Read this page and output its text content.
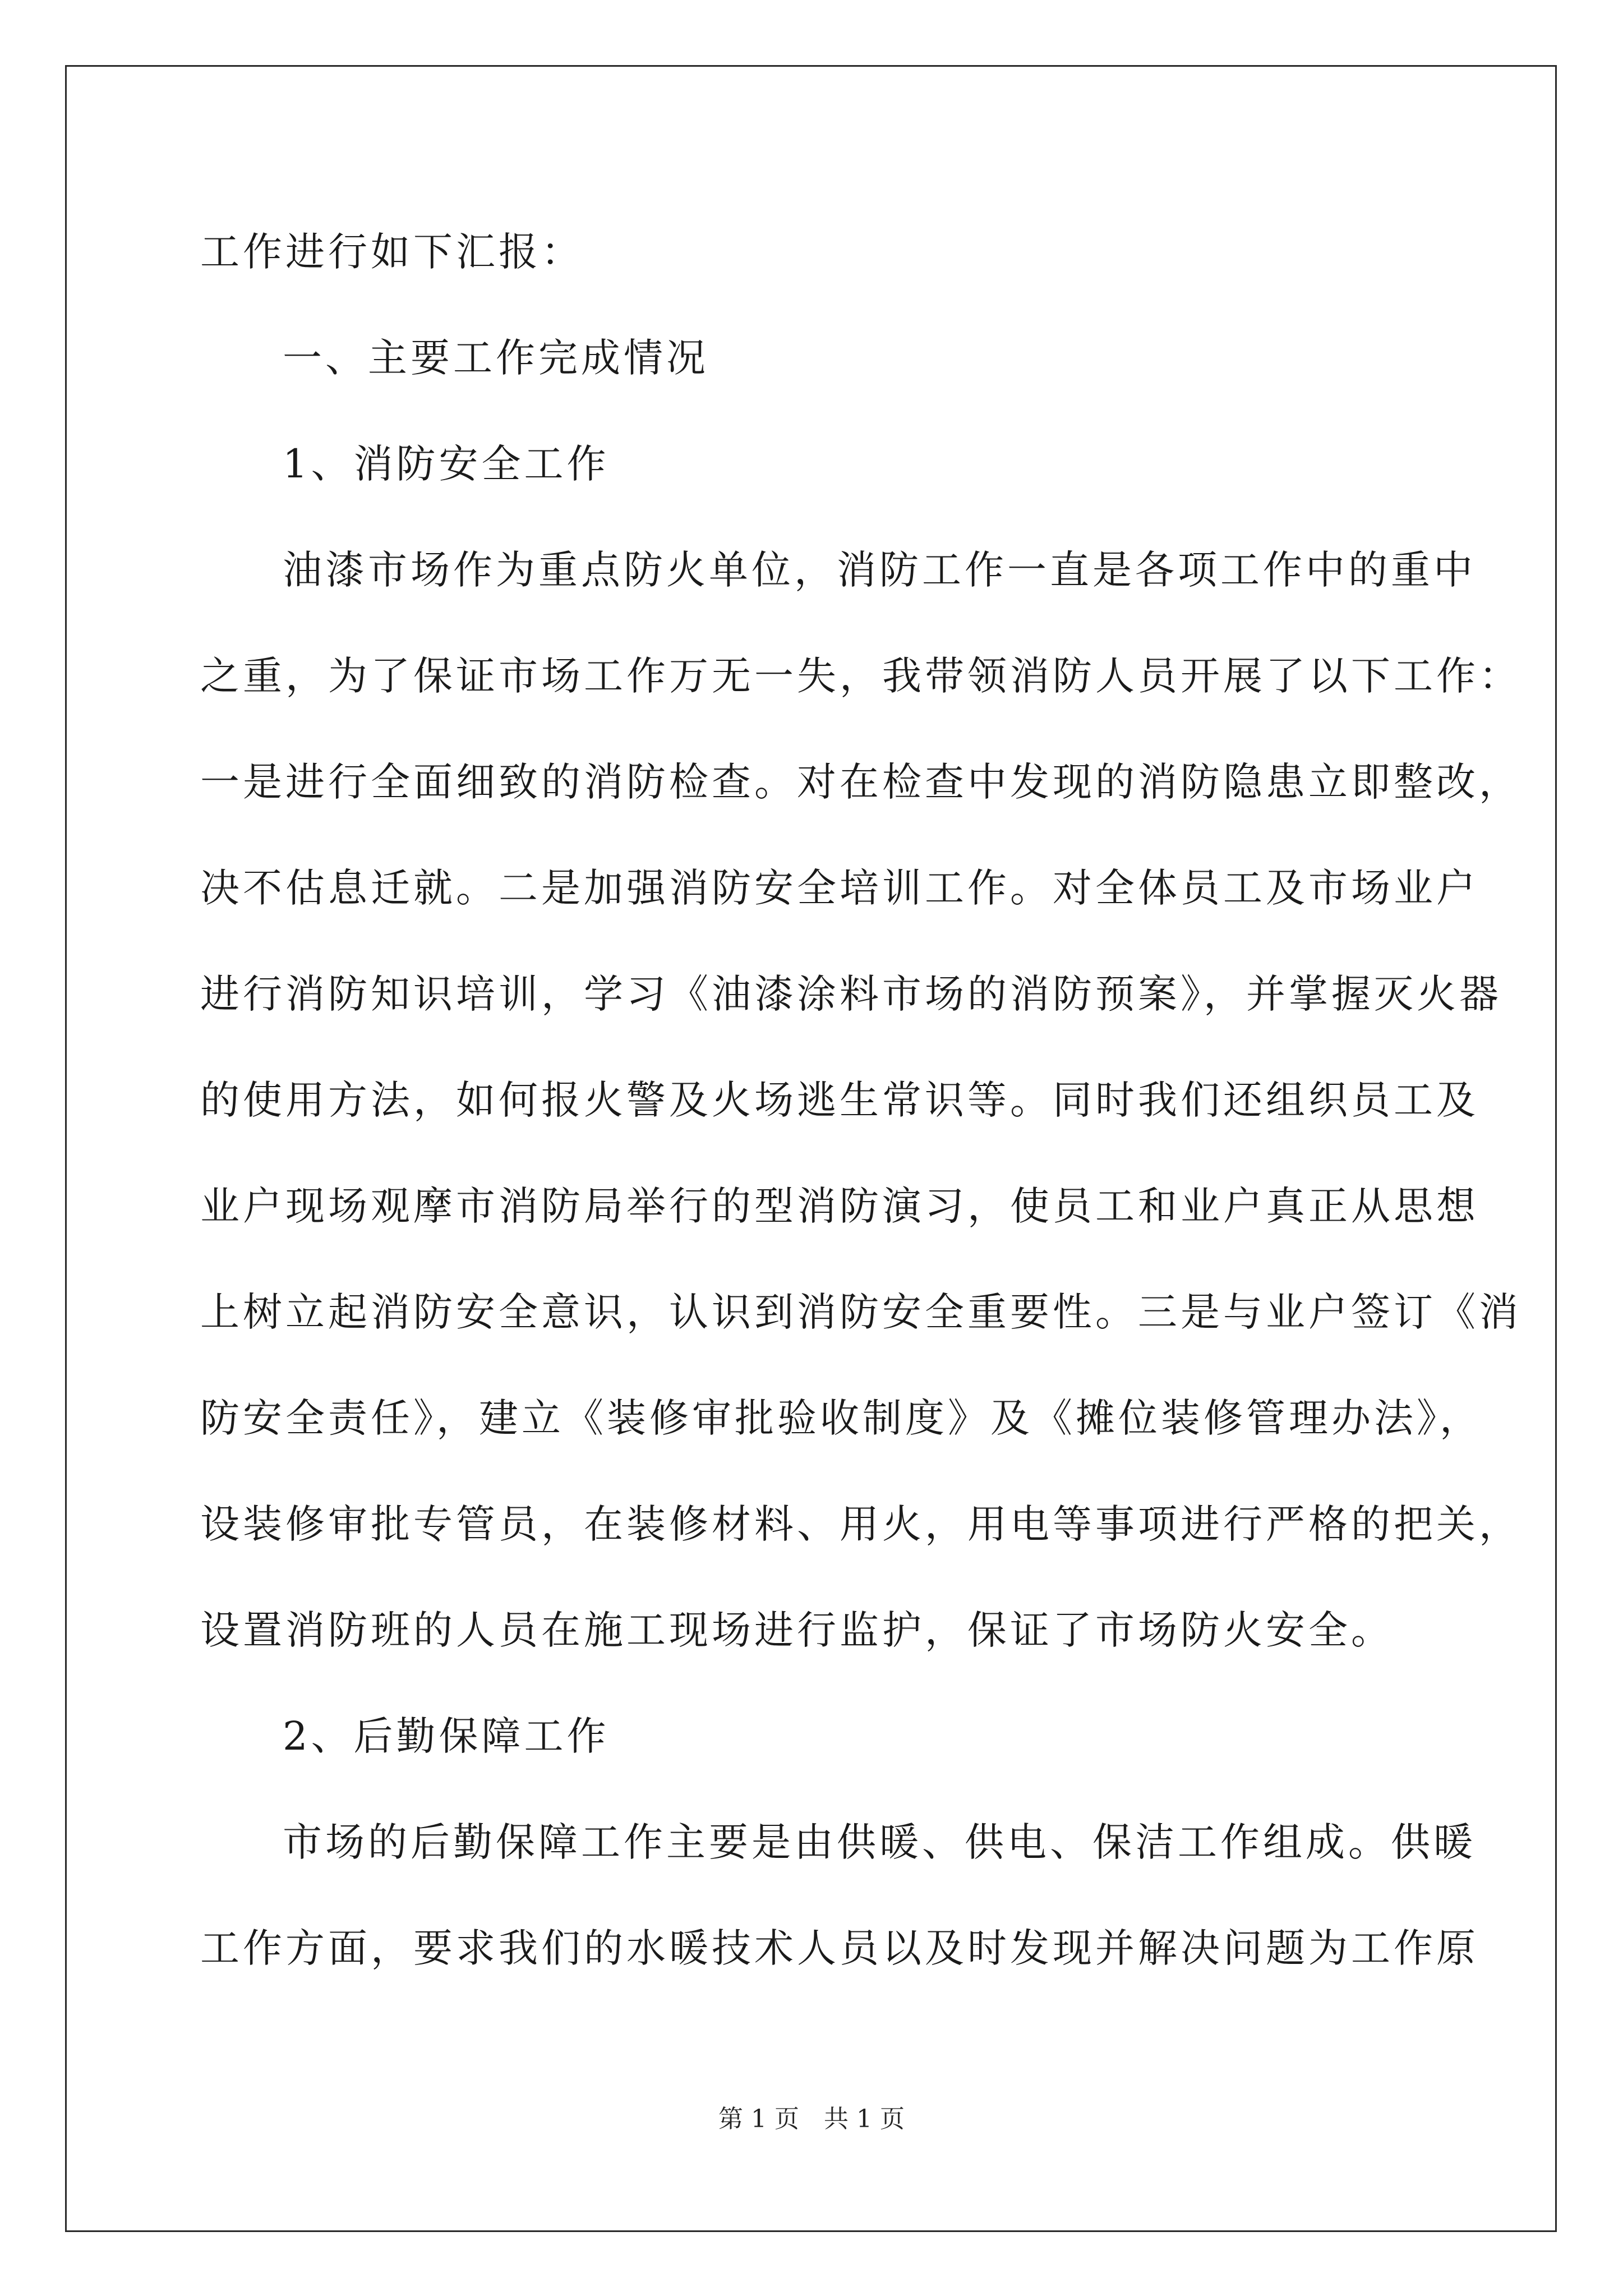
工作进行如下汇报：
一、主要工作完成情况
1、消防安全工作
油漆市场作为重点防火单位，消防工作一直是各项工作中的重中
之重，为了保证市场工作万无一失，我带领消防人员开展了以下工作：
一是进行全面细致的消防检查。对在检查中发现的消防隐患立即整改，
决不估息迁就。二是加强消防安全培训工作。对全体员工及市场业户
进行消防知识培训，学习《油漆涂料市场的消防预案》，并掌握灭火器
的使用方法，如何报火警及火场逃生常识等。同时我们还组织员工及
业户现场观摩市消防局举行的型消防演习，使员工和业户真正从思想
上树立起消防安全意识，认识到消防安全重要性。三是与业户签订《消
防安全责任》，建立《装修审批验收制度》及《摊位装修管理办法》，
设装修审批专管员，在装修材料、用火，用电等事项进行严格的把关，
设置消防班的人员在施工现场进行监护，保证了市场防火安全。
2、后勤保障工作
市场的后勤保障工作主要是由供暖、供电、保洁工作组成。供暖
工作方面，要求我们的水暖技术人员以及时发现并解决问题为工作原
第 1 页　共 1 页
